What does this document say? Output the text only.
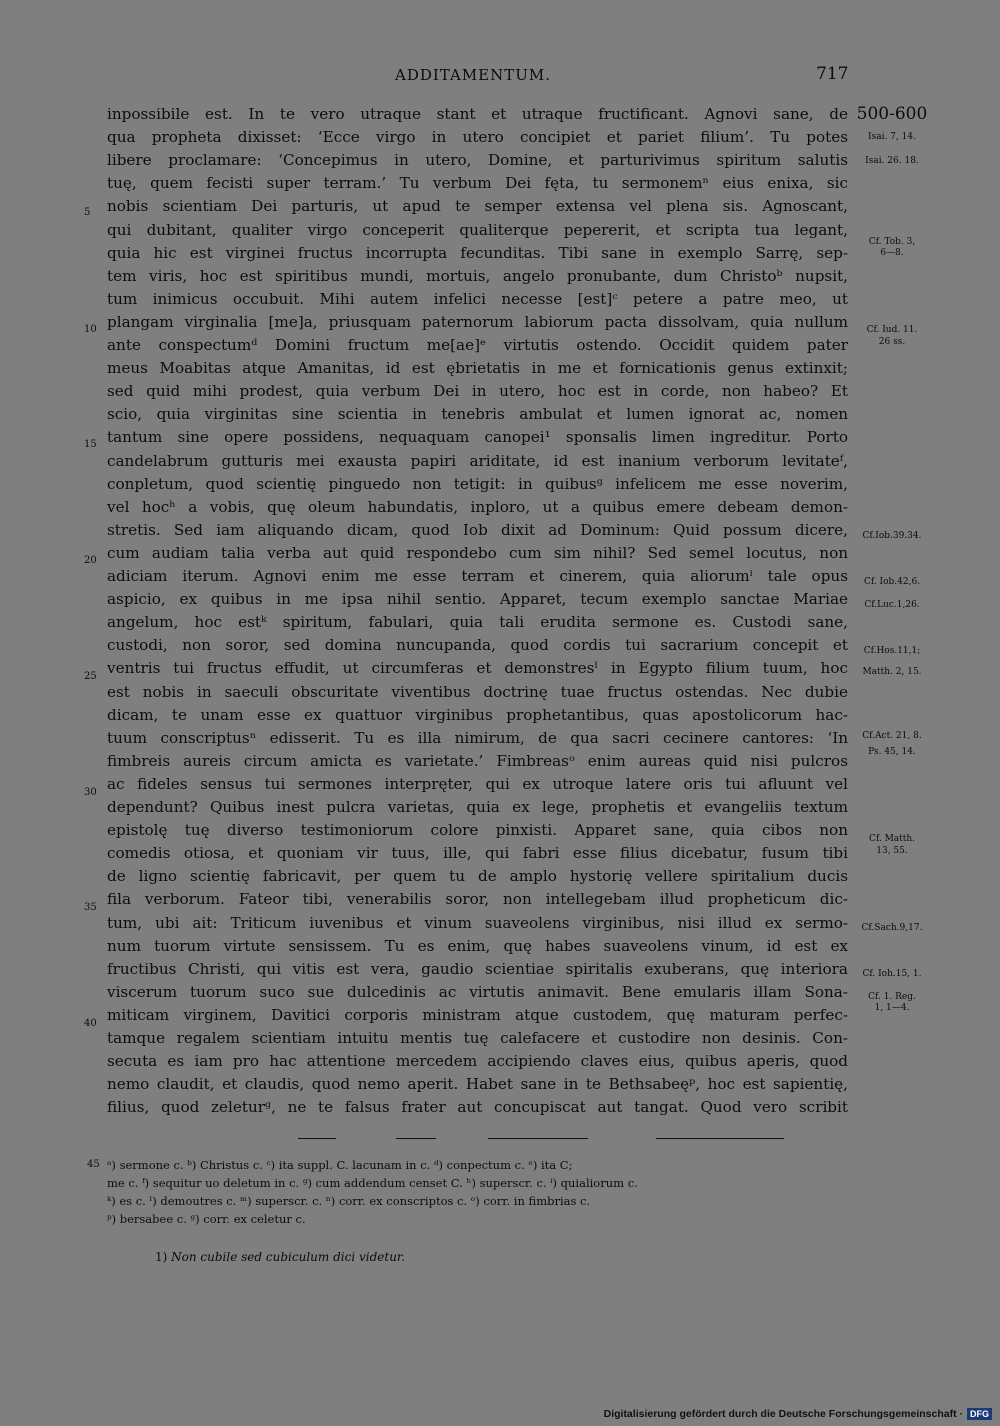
ADDITAMENTUM.	717
inpossibile est. In te vero utraque stant et utraque fructificant. Agnovi sane, de
qua propheta dixisset: ‘Ecce virgo in utero concipiet et pariet filium’. Tu potes
libere proclamare: ‘Concepimus in utero, Domine, et parturivimus spiritum salutis
tuę, quem fecisti super terram.’ Tu verbum Dei fęta, tu sermonemⁿ eius enixa, sic
nobis scientiam Dei parturis, ut apud te semper extensa vel plena sis. Agnoscant,
qui dubitant, qualiter virgo conceperit qualiterque pepererit, et scripta tua legant,
quia hic est virginei fructus incorrupta fecunditas. Tibi sane in exemplo Sarrę, sep-
tem viris, hoc est spiritibus mundi, mortuis, angelo pronubante, dum Christoᵇ nupsit,
tum inimicus occubuit. Mihi autem infelici necesse [est]ᶜ petere a patre meo, ut
plangam virginalia [me]a, priusquam paternorum labiorum pacta dissolvam, quia nullum
ante conspectumᵈ Domini fructum me[ae]ᵉ virtutis ostendo. Occidit quidem pater
meus Moabitas atque Amanitas, id est ębrietatis in me et fornicationis genus extinxit;
sed quid mihi prodest, quia verbum Dei in utero, hoc est in corde, non habeo? Et
scio, quia virginitas sine scientia in tenebris ambulat et lumen ignorat ac, nomen
tantum sine opere possidens, nequaquam canopei¹ sponsalis limen ingreditur. Porto
candelabrum gutturis mei exausta papiri ariditate, id est inanium verborum levitateᶠ,
conpletum, quod scientię pinguedo non tetigit: in quibusᵍ infelicem me esse noverim,
vel hocʰ a vobis, quę oleum habundatis, inploro, ut a quibus emere debeam demon-
stretis. Sed iam aliquando dicam, quod Iob dixit ad Dominum: Quid possum dicere,
cum audiam talia verba aut quid respondebo cum sim nihil? Sed semel locutus, non
adiciam iterum. Agnovi enim me esse terram et cinerem, quia aliorumⁱ tale opus
aspicio, ex quibus in me ipsa nihil sentio. Apparet, tecum exemplo sanctae Mariae
angelum, hoc estᵏ spiritum, fabulari, quia tali erudita sermone es. Custodi sane,
custodi, non soror, sed domina nuncupanda, quod cordis tui sacrarium concepit et
ventris tui fructus effudit, ut circumferas et demonstresˡ in Egypto filium tuum, hoc
est nobis in saeculi obscuritate viventibus doctrinę tuae fructus ostendas. Nec dubie
dicam, te unam esse ex quattuor virginibus prophetantibus, quas apostolicorum hac-
tuum conscriptusⁿ edisserit. Tu es illa nimirum, de qua sacri cecinere cantores: ‘In
fimbreis aureis circum amicta es varietate.’ Fimbreasᵒ enim aureas quid nisi pulcros
ac fideles sensus tui sermones interpręter, qui ex utroque latere oris tui afluunt vel
dependunt? Quibus inest pulcra varietas, quia ex lege, prophetis et evangeliis textum
epistolę tuę diverso testimoniorum colore pinxisti. Apparet sane, quia cibos non
comedis otiosa, et quoniam vir tuus, ille, qui fabri esse filius dicebatur, fusum tibi
de ligno scientię fabricavit, per quem tu de amplo hystorię vellere spiritalium ducis
fila verborum. Fateor tibi, venerabilis soror, non intellegebam illud propheticum dic-
tum, ubi ait: Triticum iuvenibus et vinum suaveolens virginibus, nisi illud ex sermo-
num tuorum virtute sensissem. Tu es enim, quę habes suaveolens vinum, id est ex
fructibus Christi, qui vitis est vera, gaudio scientiae spiritalis exuberans, quę interiora
viscerum tuorum suco sue dulcedinis ac virtutis animavit. Bene emularis illam Sona-
miticam virginem, Davitici corporis ministram atque custodem, quę maturam perfec-
tamque regalem scientiam intuitu mentis tuę calefacere et custodire non desinis. Con-
secuta es iam pro hac attentione mercedem accipiendo claves eius, quibus aperis, quod
nemo claudit, et claudis, quod nemo aperit. Habet sane in te Bethsabeęᵖ, hoc est sapientię,
filius, quod zeleturᵍ, ne te falsus frater aut concupiscat aut tangat. Quod vero scribit
5
10
15
20
25
30
35
40
500-600
Isai. 7, 14.
Isai. 26. 18.
Cf. Tob. 3,
6—8.
Cf. Iud. 11.
26 ss.
Cf.Iob.39.34.
Cf. Iob.42,6.
Cf.Luc.1,26.
Cf.Hos.11,1;
Matth. 2, 15.
Cf.Act. 21, 8.
Ps. 45, 14.
Cf. Matth.
13, 55.
Cf.Sach.9,17.
Cf. Ioh.15, 1.
Cf. 1. Reg.
1, 1—4.
45 ᵃ) sermone c. ᵇ) Christus c. ᶜ) ita suppl. C. lacunam in c. ᵈ) conpectum c. ᵉ) ita C;
me c. ᶠ) sequitur uo deletum in c. ᵍ) cum addendum censet C. ʰ) superscr. c. ⁱ) quialiorum c.
ᵏ) es c. ˡ) demoutres c. ᵐ) superscr. c. ⁿ) corr. ex conscriptos c. ᵒ) corr. in fimbrias c.
ᵖ) bersabee c. ᵍ) corr. ex celetur c.
1) Non cubile sed cubiculum dici videtur.
Digitalisierung gefördert durch die Deutsche Forschungsgemeinschaft · DFG
